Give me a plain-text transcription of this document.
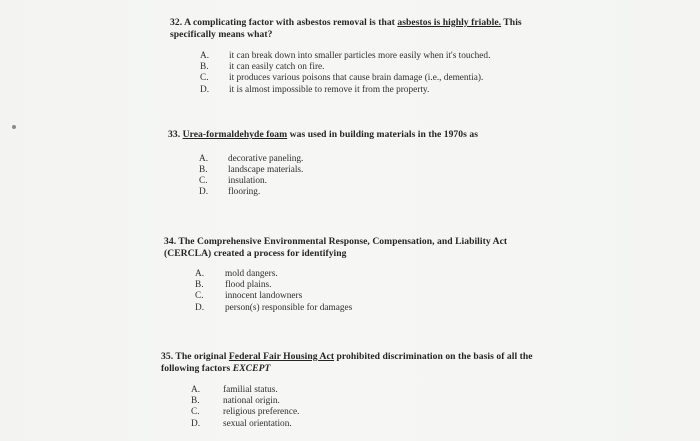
32. A complicating factor with asbestos removal is that asbestos is highly friable. This specifically means what?
A. it can break down into smaller particles more easily when it's touched.
B. it can easily catch on fire.
C. it produces various poisons that cause brain damage (i.e., dementia).
D. it is almost impossible to remove it from the property.
33. Urea-formaldehyde foam was used in building materials in the 1970s as
A. decorative paneling.
B. landscape materials.
C. insulation.
D. flooring.
34. The Comprehensive Environmental Response, Compensation, and Liability Act (CERCLA) created a process for identifying
A. mold dangers.
B. flood plains.
C. innocent landowners
D. person(s) responsible for damages
35. The original Federal Fair Housing Act prohibited discrimination on the basis of all the following factors EXCEPT
A. familial status.
B.	national origin.
C.	religious preference.
D. sexual orientation.
